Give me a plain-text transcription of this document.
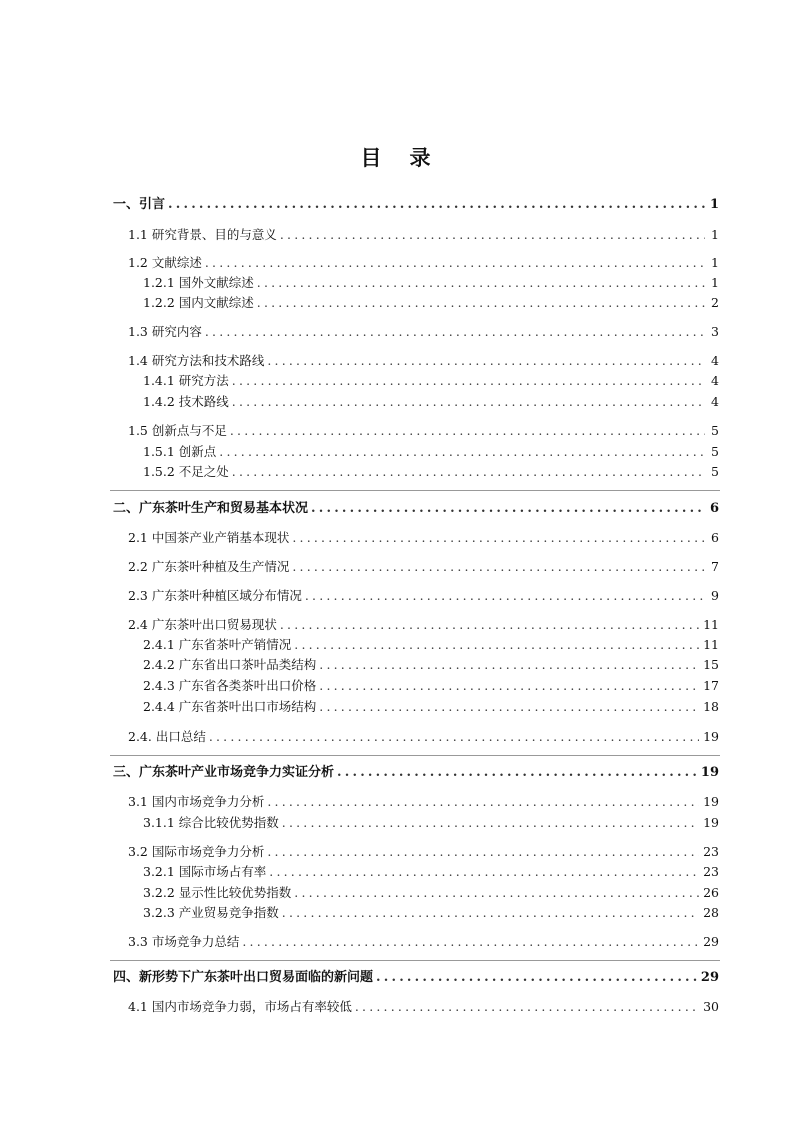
目 录
一、引言 .....	1
1.1 研究背景、目的与意义 .....	1
1.2 文献综述 .....	1
1.2.1 国外文献综述 .....	1
1.2.2 国内文献综述 .....	2
1.3 研究内容 .....	3
1.4 研究方法和技术路线 .....	4
1.4.1 研究方法 .....	4
1.4.2 技术路线 .....	4
1.5 创新点与不足 .....	5
1.5.1 创新点 .....	5
1.5.2 不足之处 .....	5
二、广东茶叶生产和贸易基本状况 .....	6
2.1 中国茶产业产销基本现状 .....	6
2.2 广东茶叶种植及生产情况 .....	7
2.3 广东茶叶种植区域分布情况 .....	9
2.4 广东茶叶出口贸易现状 .....	11
2.4.1 广东省茶叶产销情况 .....	11
2.4.2 广东省出口茶叶品类结构 .....	15
2.4.3 广东省各类茶叶出口价格 .....	17
2.4.4 广东省茶叶出口市场结构 .....	18
2.4. 出口总结 .....	19
三、广东茶叶产业市场竞争力实证分析 .....	19
3.1 国内市场竞争力分析 .....	19
3.1.1 综合比较优势指数 .....	19
3.2 国际市场竞争力分析 .....	23
3.2.1 国际市场占有率 .....	23
3.2.2 显示性比较优势指数 .....	26
3.2.3 产业贸易竞争指数 .....	28
3.3 市场竞争力总结 .....	29
四、新形势下广东茶叶出口贸易面临的新问题 .....	29
4.1 国内市场竞争力弱，市场占有率较低 .....	30
